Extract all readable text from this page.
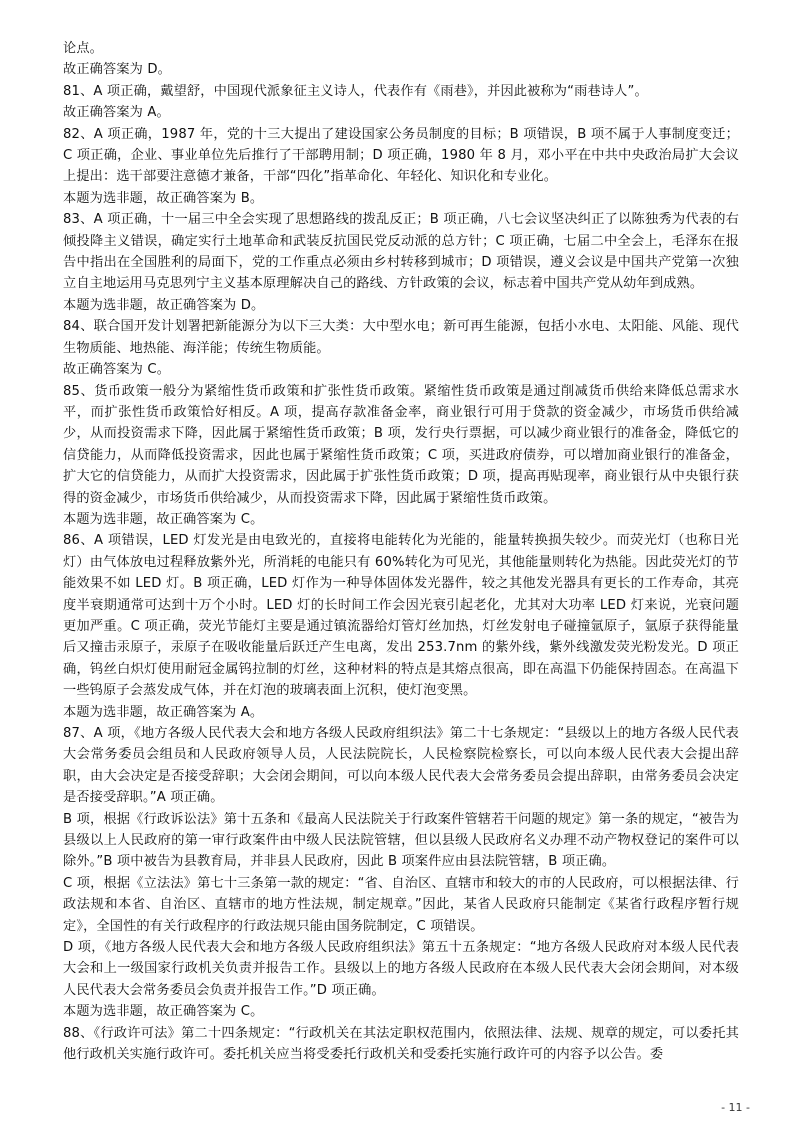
论点。

故正确答案为 D。

81、A 项正确，戴望舒，中国现代派象征主义诗人，代表作有《雨巷》，并因此被称为“雨巷诗人”。

故正确答案为 A。

82、A 项正确，1987 年，党的十三大提出了建设国家公务员制度的目标；B 项错误，B 项不属于人事制度变迁；C 项正确，企业、事业单位先后推行了干部聘用制；D 项正确，1980 年 8 月，邓小平在中共中央政治局扩大会议上提出：选干部要注意德才兼备，干部“四化”指革命化、年轻化、知识化和专业化。

本题为选非题，故正确答案为 B。

83、A 项正确，十一届三中全会实现了思想路线的拨乱反正；B 项正确，八七会议坚决纠正了以陈独秀为代表的右倾投降主义错误，确定实行土地革命和武装反抗国民党反动派的总方针；C 项正确，七届二中全会上，毛泽东在报告中指出在全国胜利的局面下，党的工作重点必须由乡村转移到城市；D 项错误，遵义会议是中国共产党第一次独立自主地运用马克思列宁主义基本原理解决自己的路线、方针政策的会议，标志着中国共产党从幼年到成熟。

本题为选非题，故正确答案为 D。

84、联合国开发计划署把新能源分为以下三大类：大中型水电；新可再生能源，包括小水电、太阳能、风能、现代生物质能、地热能、海洋能；传统生物质能。

故正确答案为 C。

85、货币政策一般分为紧缩性货币政策和扩张性货币政策。紧缩性货币政策是通过削减货币供给来降低总需求水平，而扩张性货币政策恰好相反。A 项，提高存款准备金率，商业银行可用于贷款的资金减少，市场货币供给减少，从而投资需求下降，因此属于紧缩性货币政策；B 项，发行央行票据，可以减少商业银行的准备金，降低它的信贷能力，从而降低投资需求，因此也属于紧缩性货币政策；C 项，买进政府债券，可以增加商业银行的准备金，扩大它的信贷能力，从而扩大投资需求，因此属于扩张性货币政策；D 项，提高再贴现率，商业银行从中央银行获得的资金减少，市场货币供给减少，从而投资需求下降，因此属于紧缩性货币政策。

本题为选非题，故正确答案为 C。

86、A 项错误，LED 灯发光是由电致光的，直接将电能转化为光能的，能量转换损失较少。而荧光灯（也称日光灯）由气体放电过程释放紫外光，所消耗的电能只有 60%转化为可见光，其他能量则转化为热能。因此荧光灯的节能效果不如 LED 灯。B 项正确，LED 灯作为一种导体固体发光器件，较之其他发光器具有更长的工作寿命，其亮度半衰期通常可达到十万个小时。LED 灯的长时间工作会因光衰引起老化，尤其对大功率 LED 灯来说，光衰问题更加严重。C 项正确，荧光节能灯主要是通过镇流器给灯管灯丝加热，灯丝发射电子碰撞氩原子，氩原子获得能量后又撞击汞原子，汞原子在吸收能量后跃迁产生电离，发出 253.7nm 的紫外线，紫外线激发荧光粉发光。D 项正确，钨丝白炽灯使用耐冠金属钨拉制的灯丝，这种材料的特点是其熔点很高，即在高温下仍能保持固态。在高温下一些钨原子会蒸发成气体，并在灯泡的玻璃表面上沉积，使灯泡变黑。

本题为选非题，故正确答案为 A。

87、A 项，《地方各级人民代表大会和地方各级人民政府组织法》第二十七条规定：“县级以上的地方各级人民代表大会常务委员会组员和人民政府领导人员，人民法院院长，人民检察院检察长，可以向本级人民代表大会提出辞职，由大会决定是否接受辞职；大会闭会期间，可以向本级人民代表大会常务委员会提出辞职，由常务委员会决定是否接受辞职。”A 项正确。

B 项，根据《行政诉讼法》第十五条和《最高人民法院关于行政案件管辖若干问题的规定》第一条的规定，“被告为县级以上人民政府的第一审行政案件由中级人民法院管辖，但以县级人民政府名义办理不动产物权登记的案件可以除外。”B 项中被告为县教育局，并非县人民政府，因此 B 项案件应由县法院管辖，B 项正确。

C 项，根据《立法法》第七十三条第一款的规定：“省、自治区、直辖市和较大的市的人民政府，可以根据法律、行政法规和本省、自治区、直辖市的地方性法规，制定规章。”因此，某省人民政府只能制定《某省行政程序暂行规定》，全国性的有关行政程序的行政法规只能由国务院制定，C 项错误。

D 项，《地方各级人民代表大会和地方各级人民政府组织法》第五十五条规定：“地方各级人民政府对本级人民代表大会和上一级国家行政机关负责并报告工作。县级以上的地方各级人民政府在本级人民代表大会闭会期间，对本级人民代表大会常务委员会负责并报告工作。”D 项正确。

本题为选非题，故正确答案为 C。

88、《行政许可法》第二十四条规定：“行政机关在其法定职权范围内，依照法律、法规、规章的规定，可以委托其他行政机关实施行政许可。委托机关应当将受委托行政机关和受委托实施行政许可的内容予以公告。委

- 11 -
